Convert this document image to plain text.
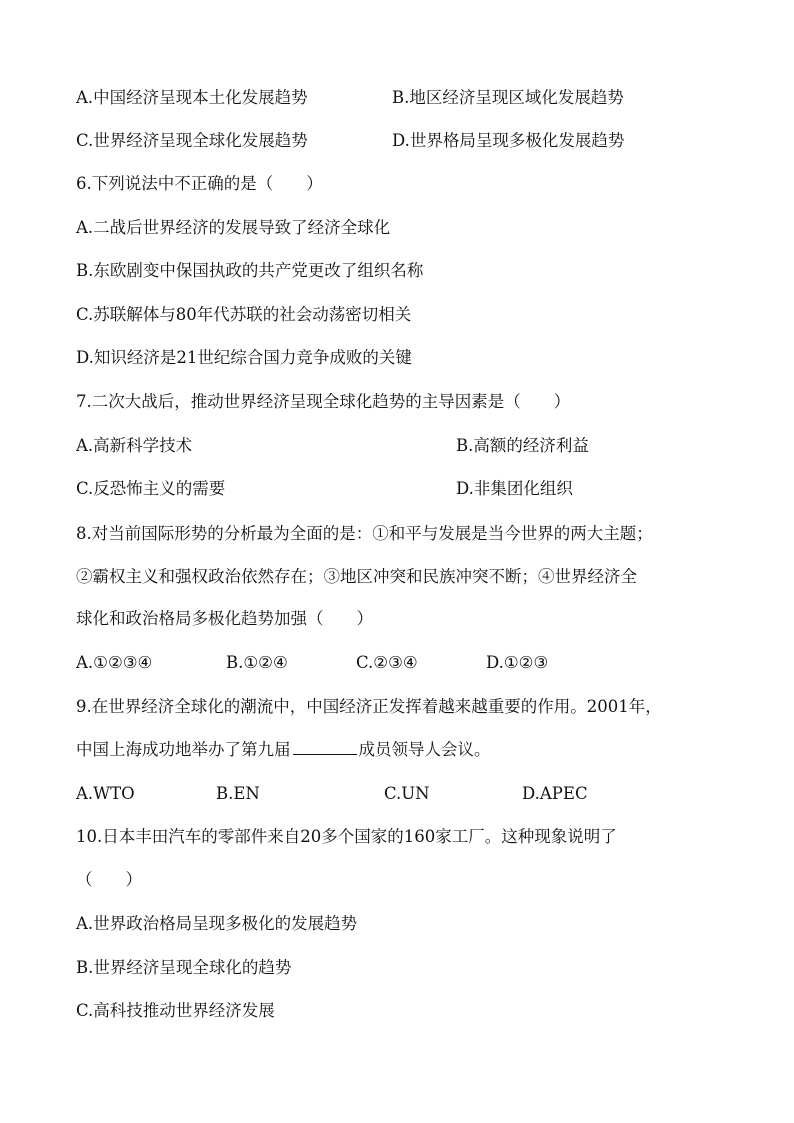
A.中国经济呈现本土化发展趋势	B.地区经济呈现区域化发展趋势
C.世界经济呈现全球化发展趋势	D.世界格局呈现多极化发展趋势
6.下列说法中不正确的是（　　）
A.二战后世界经济的发展导致了经济全球化
B.东欧剧变中保国执政的共产党更改了组织名称
C.苏联解体与80年代苏联的社会动荡密切相关
D.知识经济是21世纪综合国力竞争成败的关键
7.二次大战后，推动世界经济呈现全球化趋势的主导因素是（　　）
A.高新科学技术	B.高额的经济利益
C.反恐怖主义的需要	D.非集团化组织
8.对当前国际形势的分析最为全面的是：①和平与发展是当今世界的两大主题；
②霸权主义和强权政治依然存在；③地区冲突和民族冲突不断；④世界经济全
球化和政治格局多极化趋势加强（　　）
A.①②③④	B.①②④	C.②③④	D.①②③
9.在世界经济全球化的潮流中，中国经济正发挥着越来越重要的作用。2001年，
中国上海成功地举办了第九届	成员领导人会议。
A.WTO	B.EN	C.UN	D.APEC
10.日本丰田汽车的零部件来自20多个国家的160家工厂。这种现象说明了
（　　）
A.世界政治格局呈现多极化的发展趋势
B.世界经济呈现全球化的趋势
C.高科技推动世界经济发展
